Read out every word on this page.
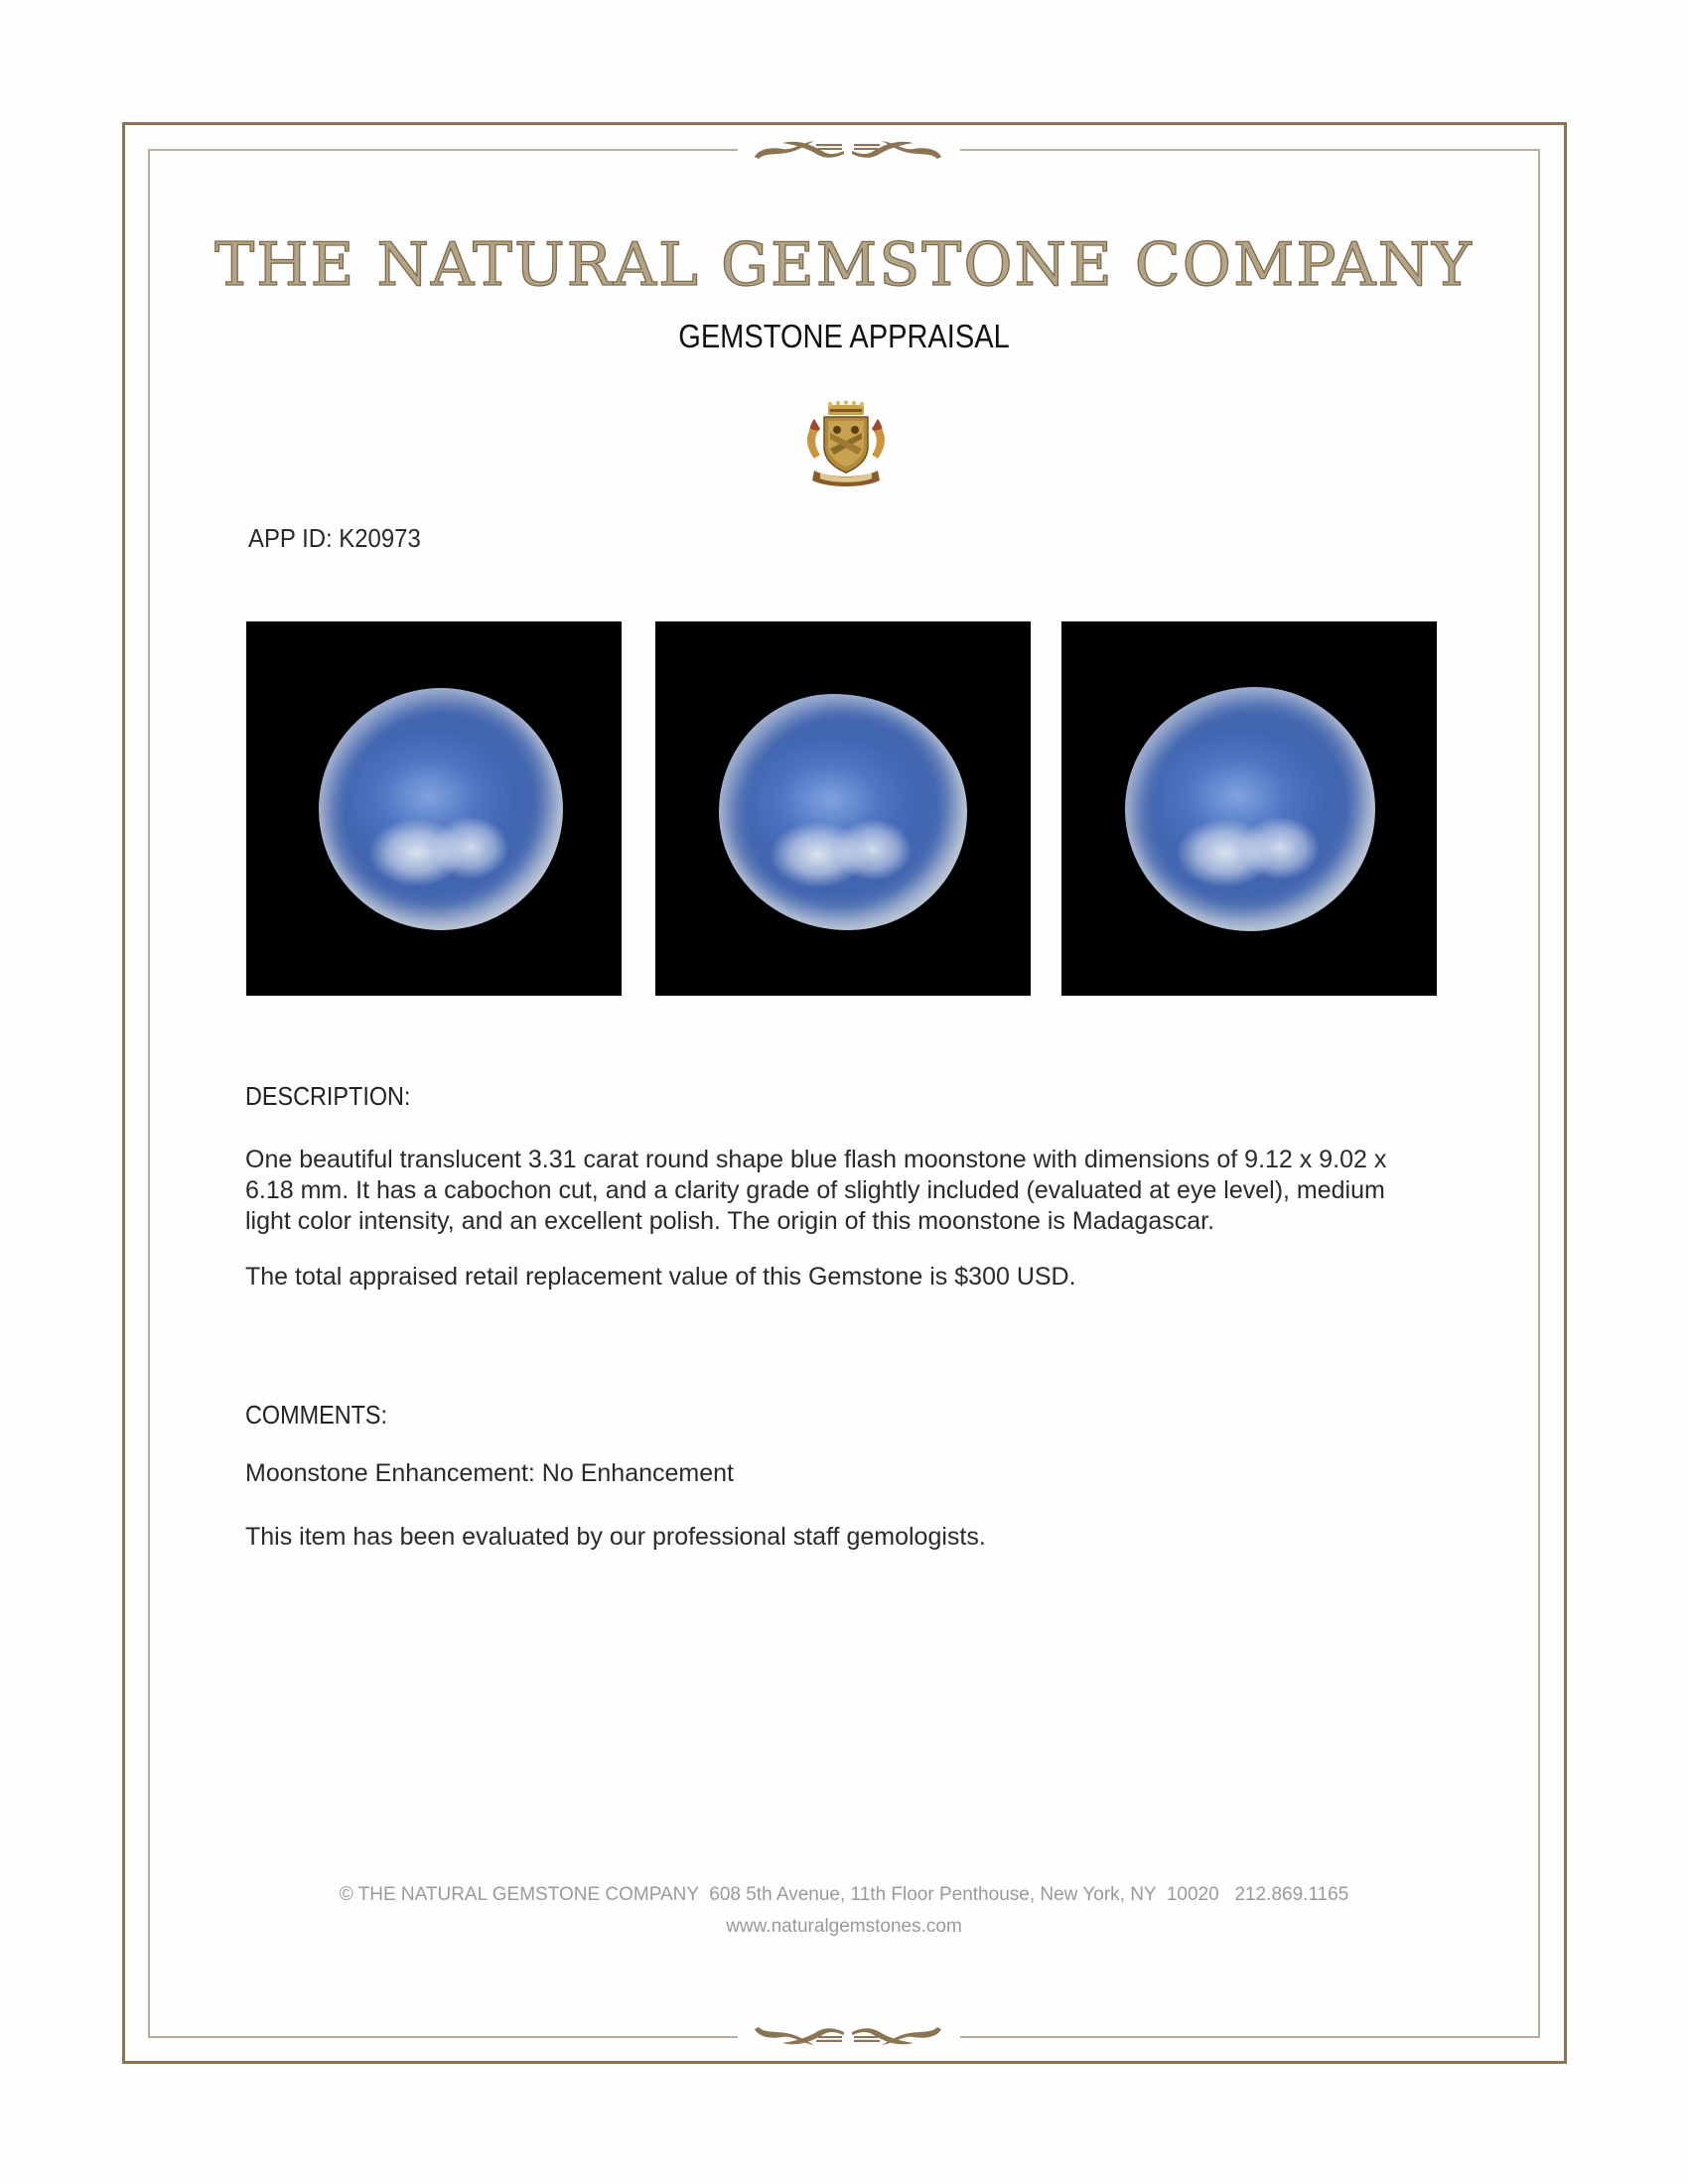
THE NATURAL GEMSTONE COMPANY
GEMSTONE APPRAISAL
APP ID: K20973
DESCRIPTION:

One beautiful translucent 3.31 carat round shape blue flash moonstone with dimensions of 9.12 x 9.02 x 6.18 mm. It has a cabochon cut, and a clarity grade of slightly included (evaluated at eye level), medium light color intensity, and an excellent polish. The origin of this moonstone is Madagascar.

The total appraised retail replacement value of this Gemstone is $300 USD.

COMMENTS:

Moonstone Enhancement: No Enhancement

This item has been evaluated by our professional staff gemologists.

© THE NATURAL GEMSTONE COMPANY  608 5th Avenue, 11th Floor Penthouse, New York, NY  10020   212.869.1165
www.naturalgemstones.com
